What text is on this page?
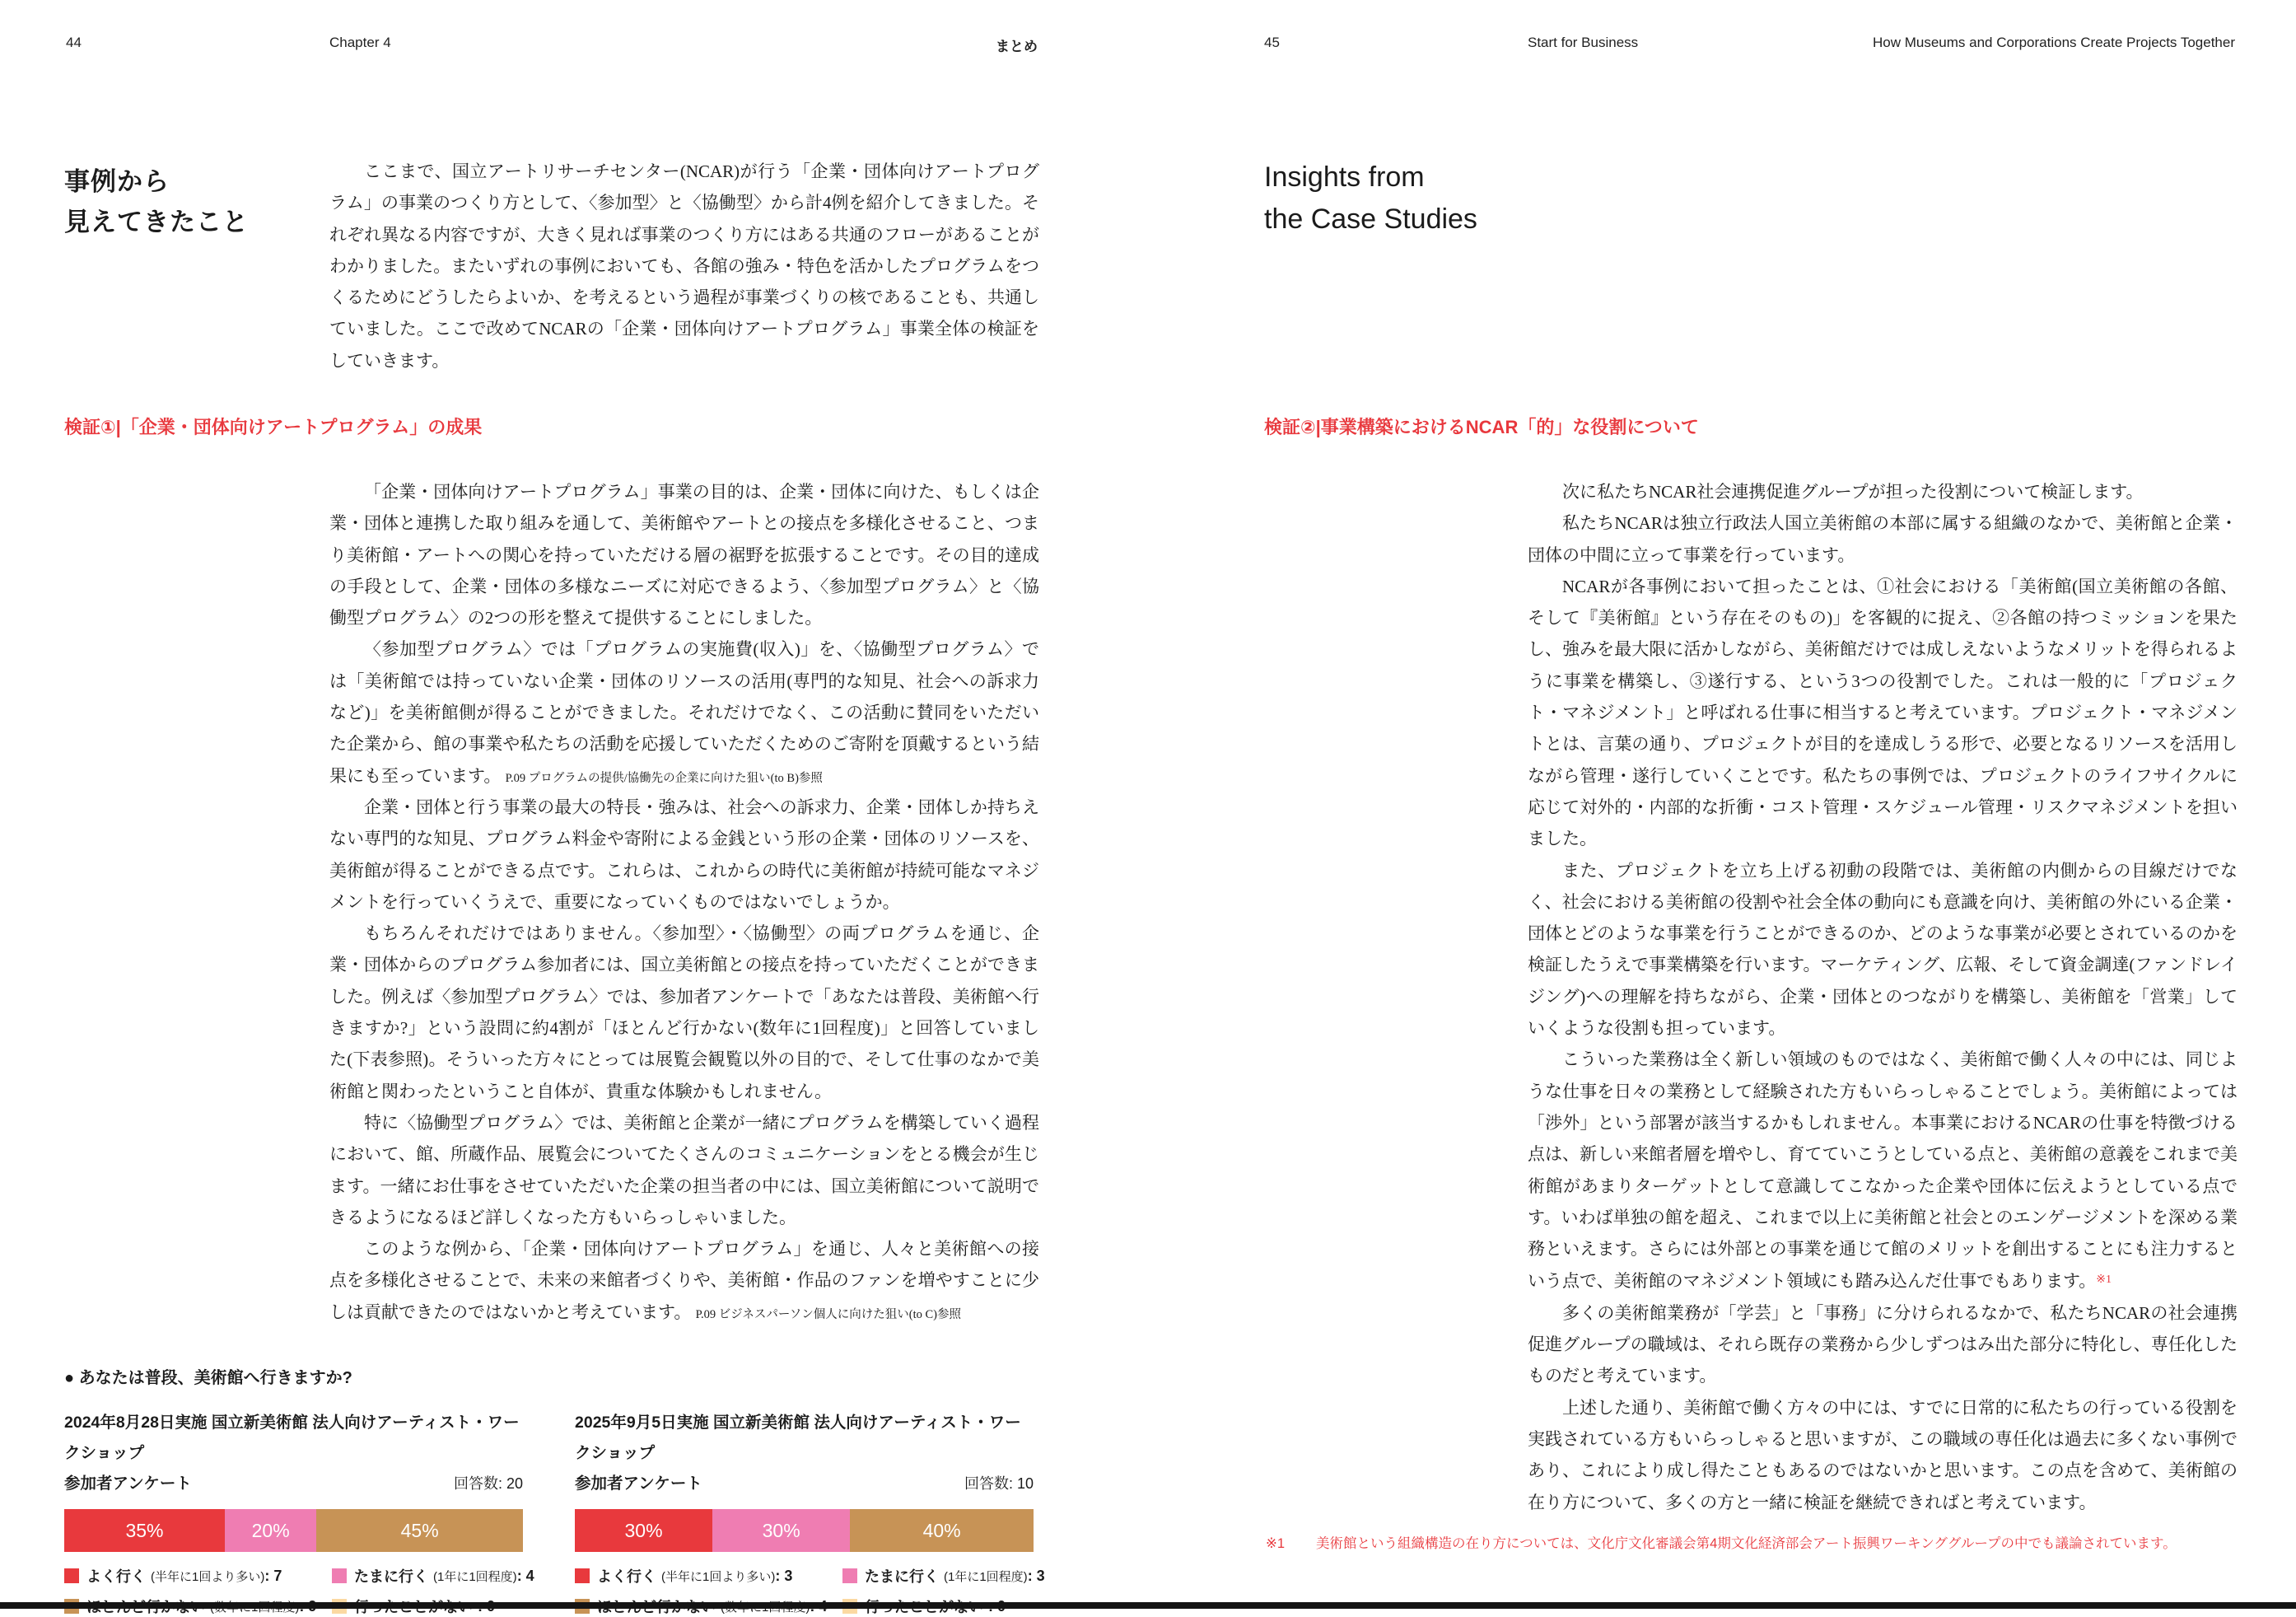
44	Chapter 4	まとめ
事例から
見えてきたこと

ここまで、国立アートリサーチセンター(NCAR)が行う「企業・団体向けアートプログラム」の事業のつくり方として、〈参加型〉と〈協働型〉から計4例を紹介してきました。それぞれ異なる内容ですが、大きく見れば事業のつくり方にはある共通のフローがあることがわかりました。またいずれの事例においても、各館の強み・特色を活かしたプログラムをつくるためにどうしたらよいか、を考えるという過程が事業づくりの核であることも、共通していました。ここで改めてNCARの「企業・団体向けアートプログラム」事業全体の検証をしていきます。

検証①|「企業・団体向けアートプログラム」の成果

「企業・団体向けアートプログラム」事業の目的は、企業・団体に向けた、もしくは企業・団体と連携した取り組みを通して、美術館やアートとの接点を多様化させること、つまり美術館・アートへの関心を持っていただける層の裾野を拡張することです。その目的達成の手段として、企業・団体の多様なニーズに対応できるよう、〈参加型プログラム〉と〈協働型プログラム〉の2つの形を整えて提供することにしました。

〈参加型プログラム〉では「プログラムの実施費(収入)」を、〈協働型プログラム〉では「美術館では持っていない企業・団体のリソースの活用(専門的な知見、社会への訴求力など)」を美術館側が得ることができました。それだけでなく、この活動に賛同をいただいた企業から、館の事業や私たちの活動を応援していただくためのご寄附を頂戴するという結果にも至っています。 P.09 プログラムの提供/協働先の企業に向けた狙い(to B)参照

企業・団体と行う事業の最大の特長・強みは、社会への訴求力、企業・団体しか持ちえない専門的な知見、プログラム料金や寄附による金銭という形の企業・団体のリソースを、美術館が得ることができる点です。これらは、これからの時代に美術館が持続可能なマネジメントを行っていくうえで、重要になっていくものではないでしょうか。

もちろんそれだけではありません。〈参加型〉・〈協働型〉の両プログラムを通じ、企業・団体からのプログラム参加者には、国立美術館との接点を持っていただくことができました。例えば〈参加型プログラム〉では、参加者アンケートで「あなたは普段、美術館へ行きますか?」という設問に約4割が「ほとんど行かない(数年に1回程度)」と回答していました(下表参照)。そういった方々にとっては展覧会観覧以外の目的で、そして仕事のなかで美術館と関わったということ自体が、貴重な体験かもしれません。

特に〈協働型プログラム〉では、美術館と企業が一緒にプログラムを構築していく過程において、館、所蔵作品、展覧会についてたくさんのコミュニケーションをとる機会が生じます。一緒にお仕事をさせていただいた企業の担当者の中には、国立美術館について説明できるようになるほど詳しくなった方もいらっしゃいました。

このような例から、「企業・団体向けアートプログラム」を通じ、人々と美術館への接点を多様化させることで、未来の来館者づくりや、美術館・作品のファンを増やすことに少しは貢献できたのではないかと考えています。 P.09 ビジネスパーソン個人に向けた狙い(to C)参照

● あなたは普段、美術館へ行きますか?
2024年8月28日実施 国立新美術館 法人向けアーティスト・ワークショップ
参加者アンケート	回答数: 20
35%	20%	45%
よく行く (半年に1回より多い) : 7	たまに行く (1年に1回程度) : 4
2025年9月5日実施 国立新美術館 法人向けアーティスト・ワークショップ
参加者アンケート	回答数: 10
30%	30%	40%
よく行く (半年に1回より多い) : 3	たまに行く (1年に1回程度) : 3
45	Start for Business	How Museums and Corporations Create Projects Together
Insights from
the Case Studies
検証②|事業構築におけるNCAR「的」な役割について

次に私たちNCAR社会連携促進グループが担った役割について検証します。

私たちNCARは独立行政法人国立美術館の本部に属する組織のなかで、美術館と企業・団体の中間に立って事業を行っています。

NCARが各事例において担ったことは、①社会における「美術館(国立美術館の各館、そして『美術館』という存在そのもの)」を客観的に捉え、②各館の持つミッションを果たし、強みを最大限に活かしながら、美術館だけでは成しえないようなメリットを得られるように事業を構築し、③遂行する、という3つの役割でした。これは一般的に「プロジェクト・マネジメント」と呼ばれる仕事に相当すると考えています。プロジェクト・マネジメントとは、言葉の通り、プロジェクトが目的を達成しうる形で、必要となるリソースを活用しながら管理・遂行していくことです。私たちの事例では、プロジェクトのライフサイクルに応じて対外的・内部的な折衝・コスト管理・スケジュール管理・リスクマネジメントを担いました。

また、プロジェクトを立ち上げる初動の段階では、美術館の内側からの目線だけでなく、社会における美術館の役割や社会全体の動向にも意識を向け、美術館の外にいる企業・団体とどのような事業を行うことができるのか、どのような事業が必要とされているのかを検証したうえで事業構築を行います。マーケティング、広報、そして資金調達(ファンドレイジング)への理解を持ちながら、企業・団体とのつながりを構築し、美術館を「営業」していくような役割も担っています。

こういった業務は全く新しい領域のものではなく、美術館で働く人々の中には、同じような仕事を日々の業務として経験された方もいらっしゃることでしょう。美術館によっては「渉外」という部署が該当するかもしれません。本事業におけるNCARの仕事を特徴づける点は、新しい来館者層を増やし、育てていこうとしている点と、美術館の意義をこれまで美術館があまりターゲットとして意識してこなかった企業や団体に伝えようとしている点です。いわば単独の館を超え、これまで以上に美術館と社会とのエンゲージメントを深める業務といえます。さらには外部との事業を通じて館のメリットを創出することにも注力するという点で、美術館のマネジメント領域にも踏み込んだ仕事でもあります。$^{※1}$

多くの美術館業務が「学芸」と「事務」に分けられるなかで、私たちNCARの社会連携促進グループの職域は、それら既存の業務から少しずつはみ出た部分に特化し、専任化したものだと考えています。

上述した通り、美術館で働く方々の中には、すでに日常的に私たちの行っている役割を実践されている方もいらっしゃると思いますが、この職域の専任化は過去に多くない事例であり、これにより成し得たこともあるのではないかと思います。この点を含めて、美術館の在り方について、多くの方と一緒に検証を継続できればと考えています。

※1 美術館という組織構造の在り方については、文化庁文化審議会第4期文化経済部会アート振興ワーキンググループの中でも議論されています。
